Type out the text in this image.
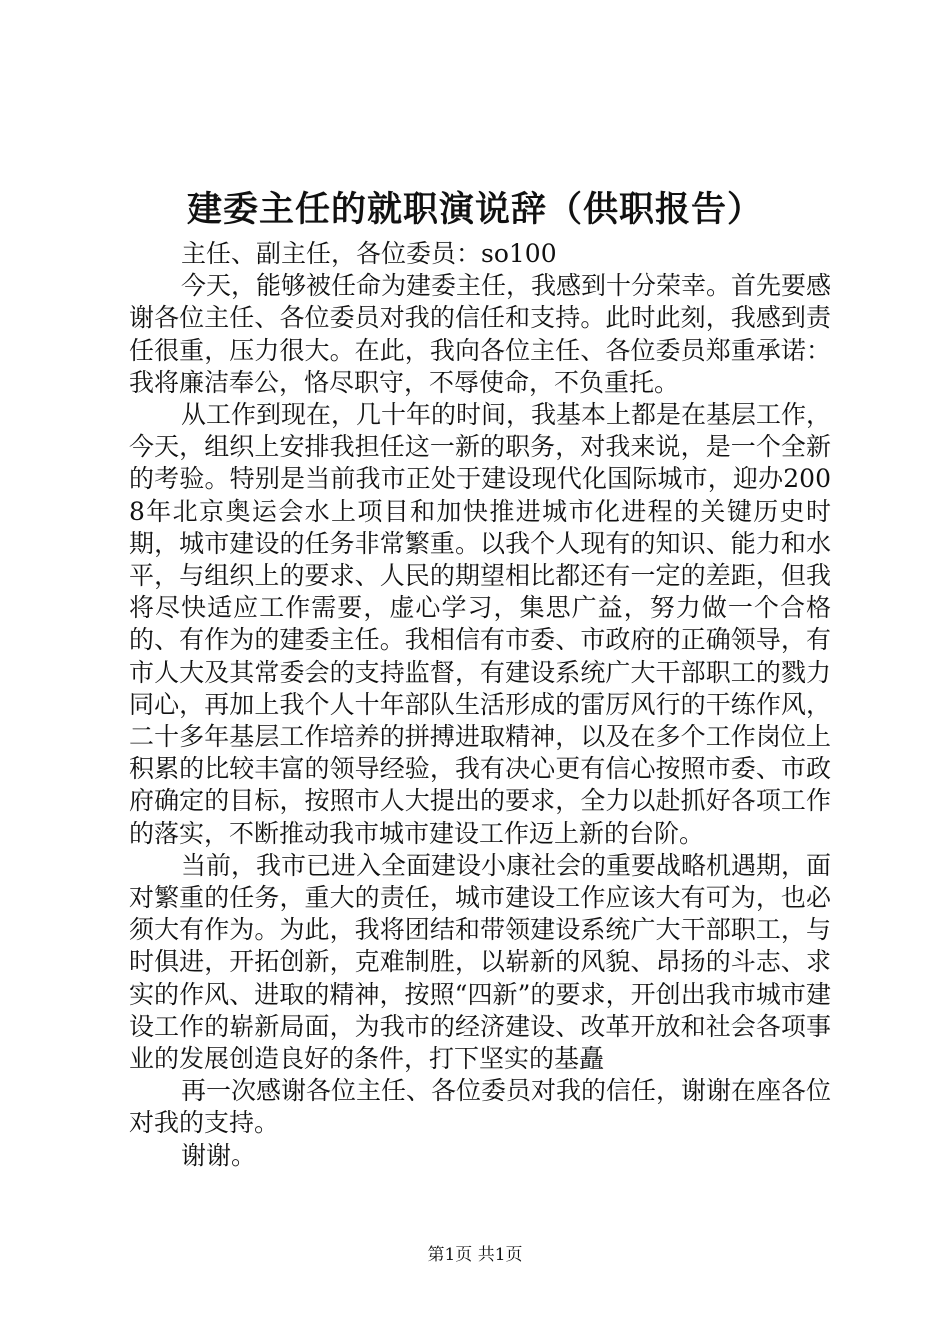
建委主任的就职演说辞（供职报告）

主任、副主任，各位委员：so100

今天，能够被任命为建委主任，我感到十分荣幸。首先要感谢各位主任、各位委员对我的信任和支持。此时此刻，我感到责任很重，压力很大。在此，我向各位主任、各位委员郑重承诺：我将廉洁奉公，恪尽职守，不辱使命，不负重托。

从工作到现在，几十年的时间，我基本上都是在基层工作，今天，组织上安排我担任这一新的职务，对我来说，是一个全新的考验。特别是当前我市正处于建设现代化国际城市，迎办2008年北京奥运会水上项目和加快推进城市化进程的关键历史时期，城市建设的任务非常繁重。以我个人现有的知识、能力和水平，与组织上的要求、人民的期望相比都还有一定的差距，但我将尽快适应工作需要，虚心学习，集思广益，努力做一个合格的、有作为的建委主任。我相信有市委、市政府的正确领导，有市人大及其常委会的支持监督，有建设系统广大干部职工的戮力同心，再加上我个人十年部队生活形成的雷厉风行的干练作风，二十多年基层工作培养的拼搏进取精神，以及在多个工作岗位上积累的比较丰富的领导经验，我有决心更有信心按照市委、市政府确定的目标，按照市人大提出的要求，全力以赴抓好各项工作的落实，不断推动我市城市建设工作迈上新的台阶。

当前，我市已进入全面建设小康社会的重要战略机遇期，面对繁重的任务，重大的责任，城市建设工作应该大有可为，也必须大有作为。为此，我将团结和带领建设系统广大干部职工，与时俱进，开拓创新，克难制胜，以崭新的风貌、昂扬的斗志、求实的作风、进取的精神，按照“四新”的要求，开创出我市城市建设工作的崭新局面，为我市的经济建设、改革开放和社会各项事业的发展创造良好的条件，打下坚实的基矗

再一次感谢各位主任、各位委员对我的信任，谢谢在座各位对我的支持。

谢谢。

第1页 共1页
